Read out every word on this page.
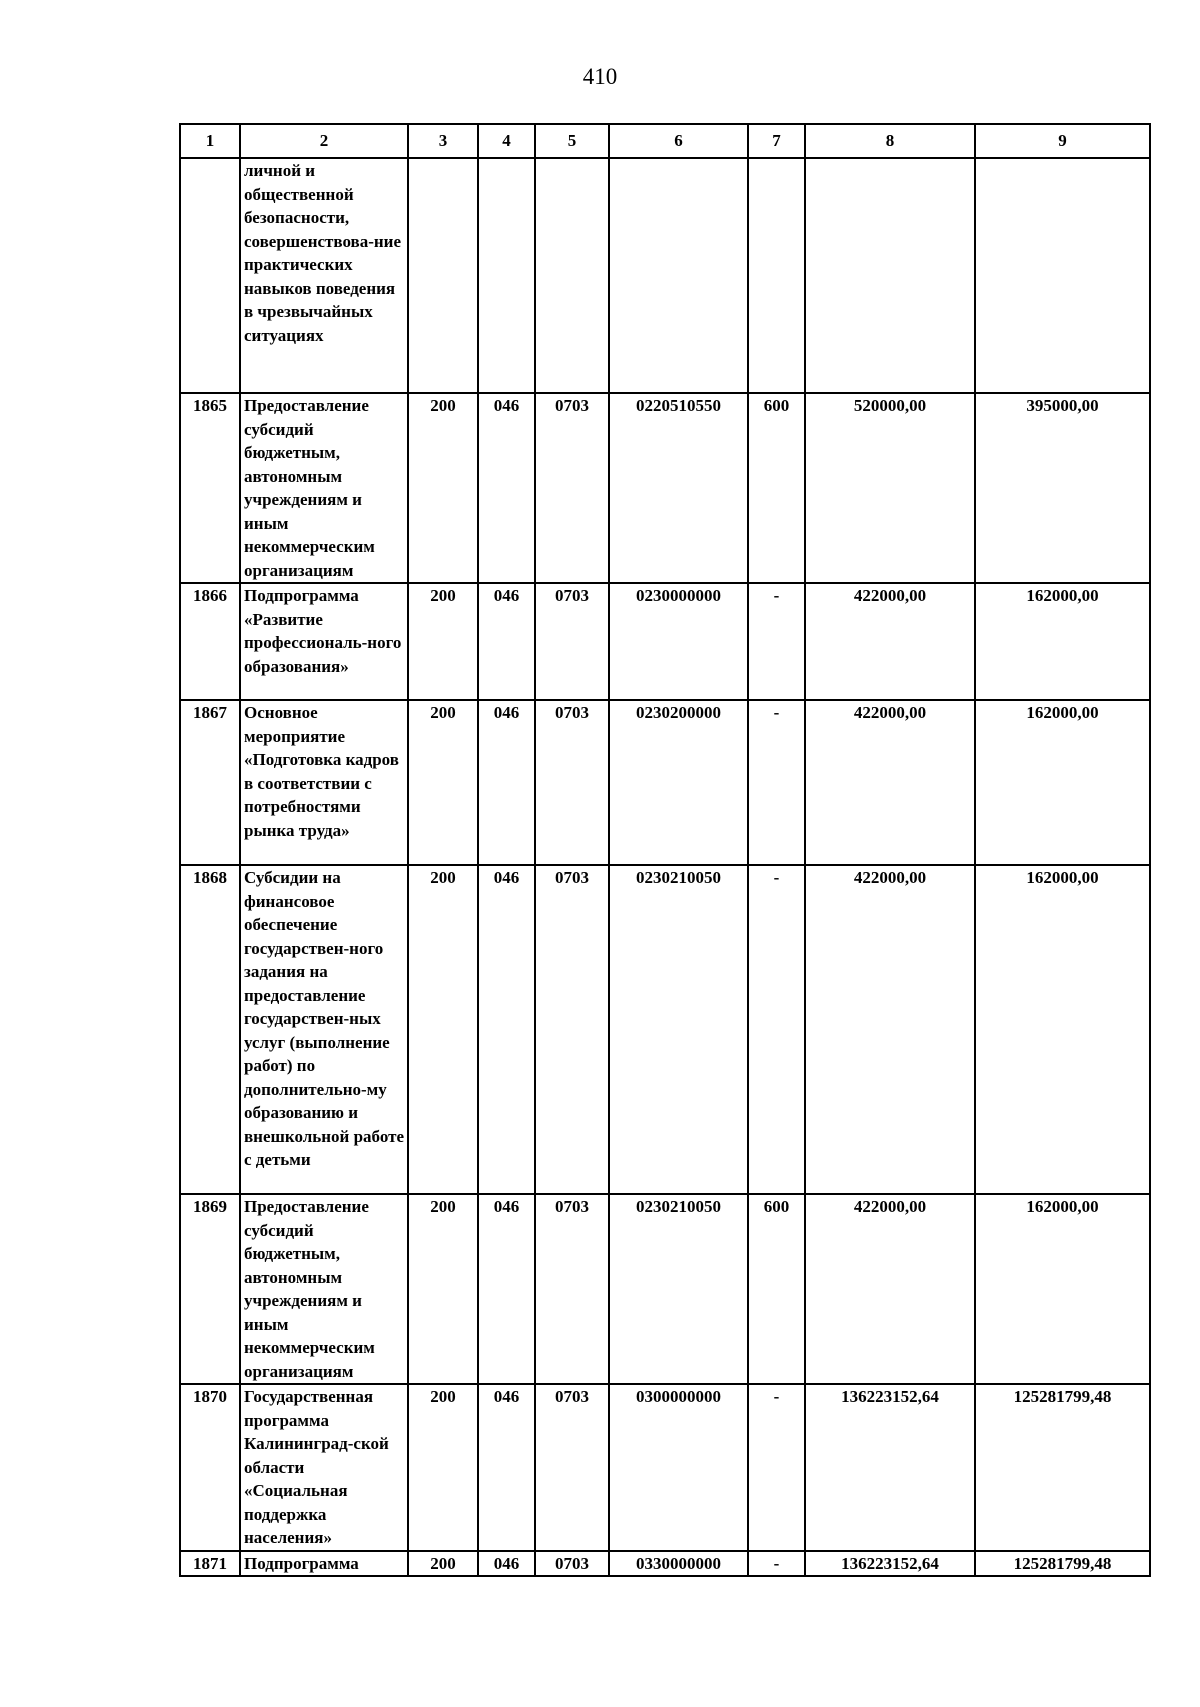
410
1	2	3	4	5	6	7	8	9
	личной и общественной безопасности, совершенствова-ние практических навыков поведения в чрезвычайных ситуациях							
1865	Предоставление субсидий бюджетным, автономным учреждениям и иным некоммерческим организациям	200	046	0703	0220510550	600	520000,00	395000,00
1866	Подпрограмма «Развитие профессиональ-ного образования»	200	046	0703	0230000000	-	422000,00	162000,00
1867	Основное мероприятие «Подготовка кадров в соответствии с потребностями рынка труда»	200	046	0703	0230200000	-	422000,00	162000,00
1868	Субсидии на финансовое обеспечение государствен-ного задания на предоставление государствен-ных услуг (выполнение работ) по дополнительно-му образованию и внешкольной работе с детьми	200	046	0703	0230210050	-	422000,00	162000,00
1869	Предоставление субсидий бюджетным, автономным учреждениям и иным некоммерческим организациям	200	046	0703	0230210050	600	422000,00	162000,00
1870	Государственная программа Калининград-ской области «Социальная поддержка населения»	200	046	0703	0300000000	-	136223152,64	125281799,48
1871	Подпрограмма	200	046	0703	0330000000	-	136223152,64	125281799,48
